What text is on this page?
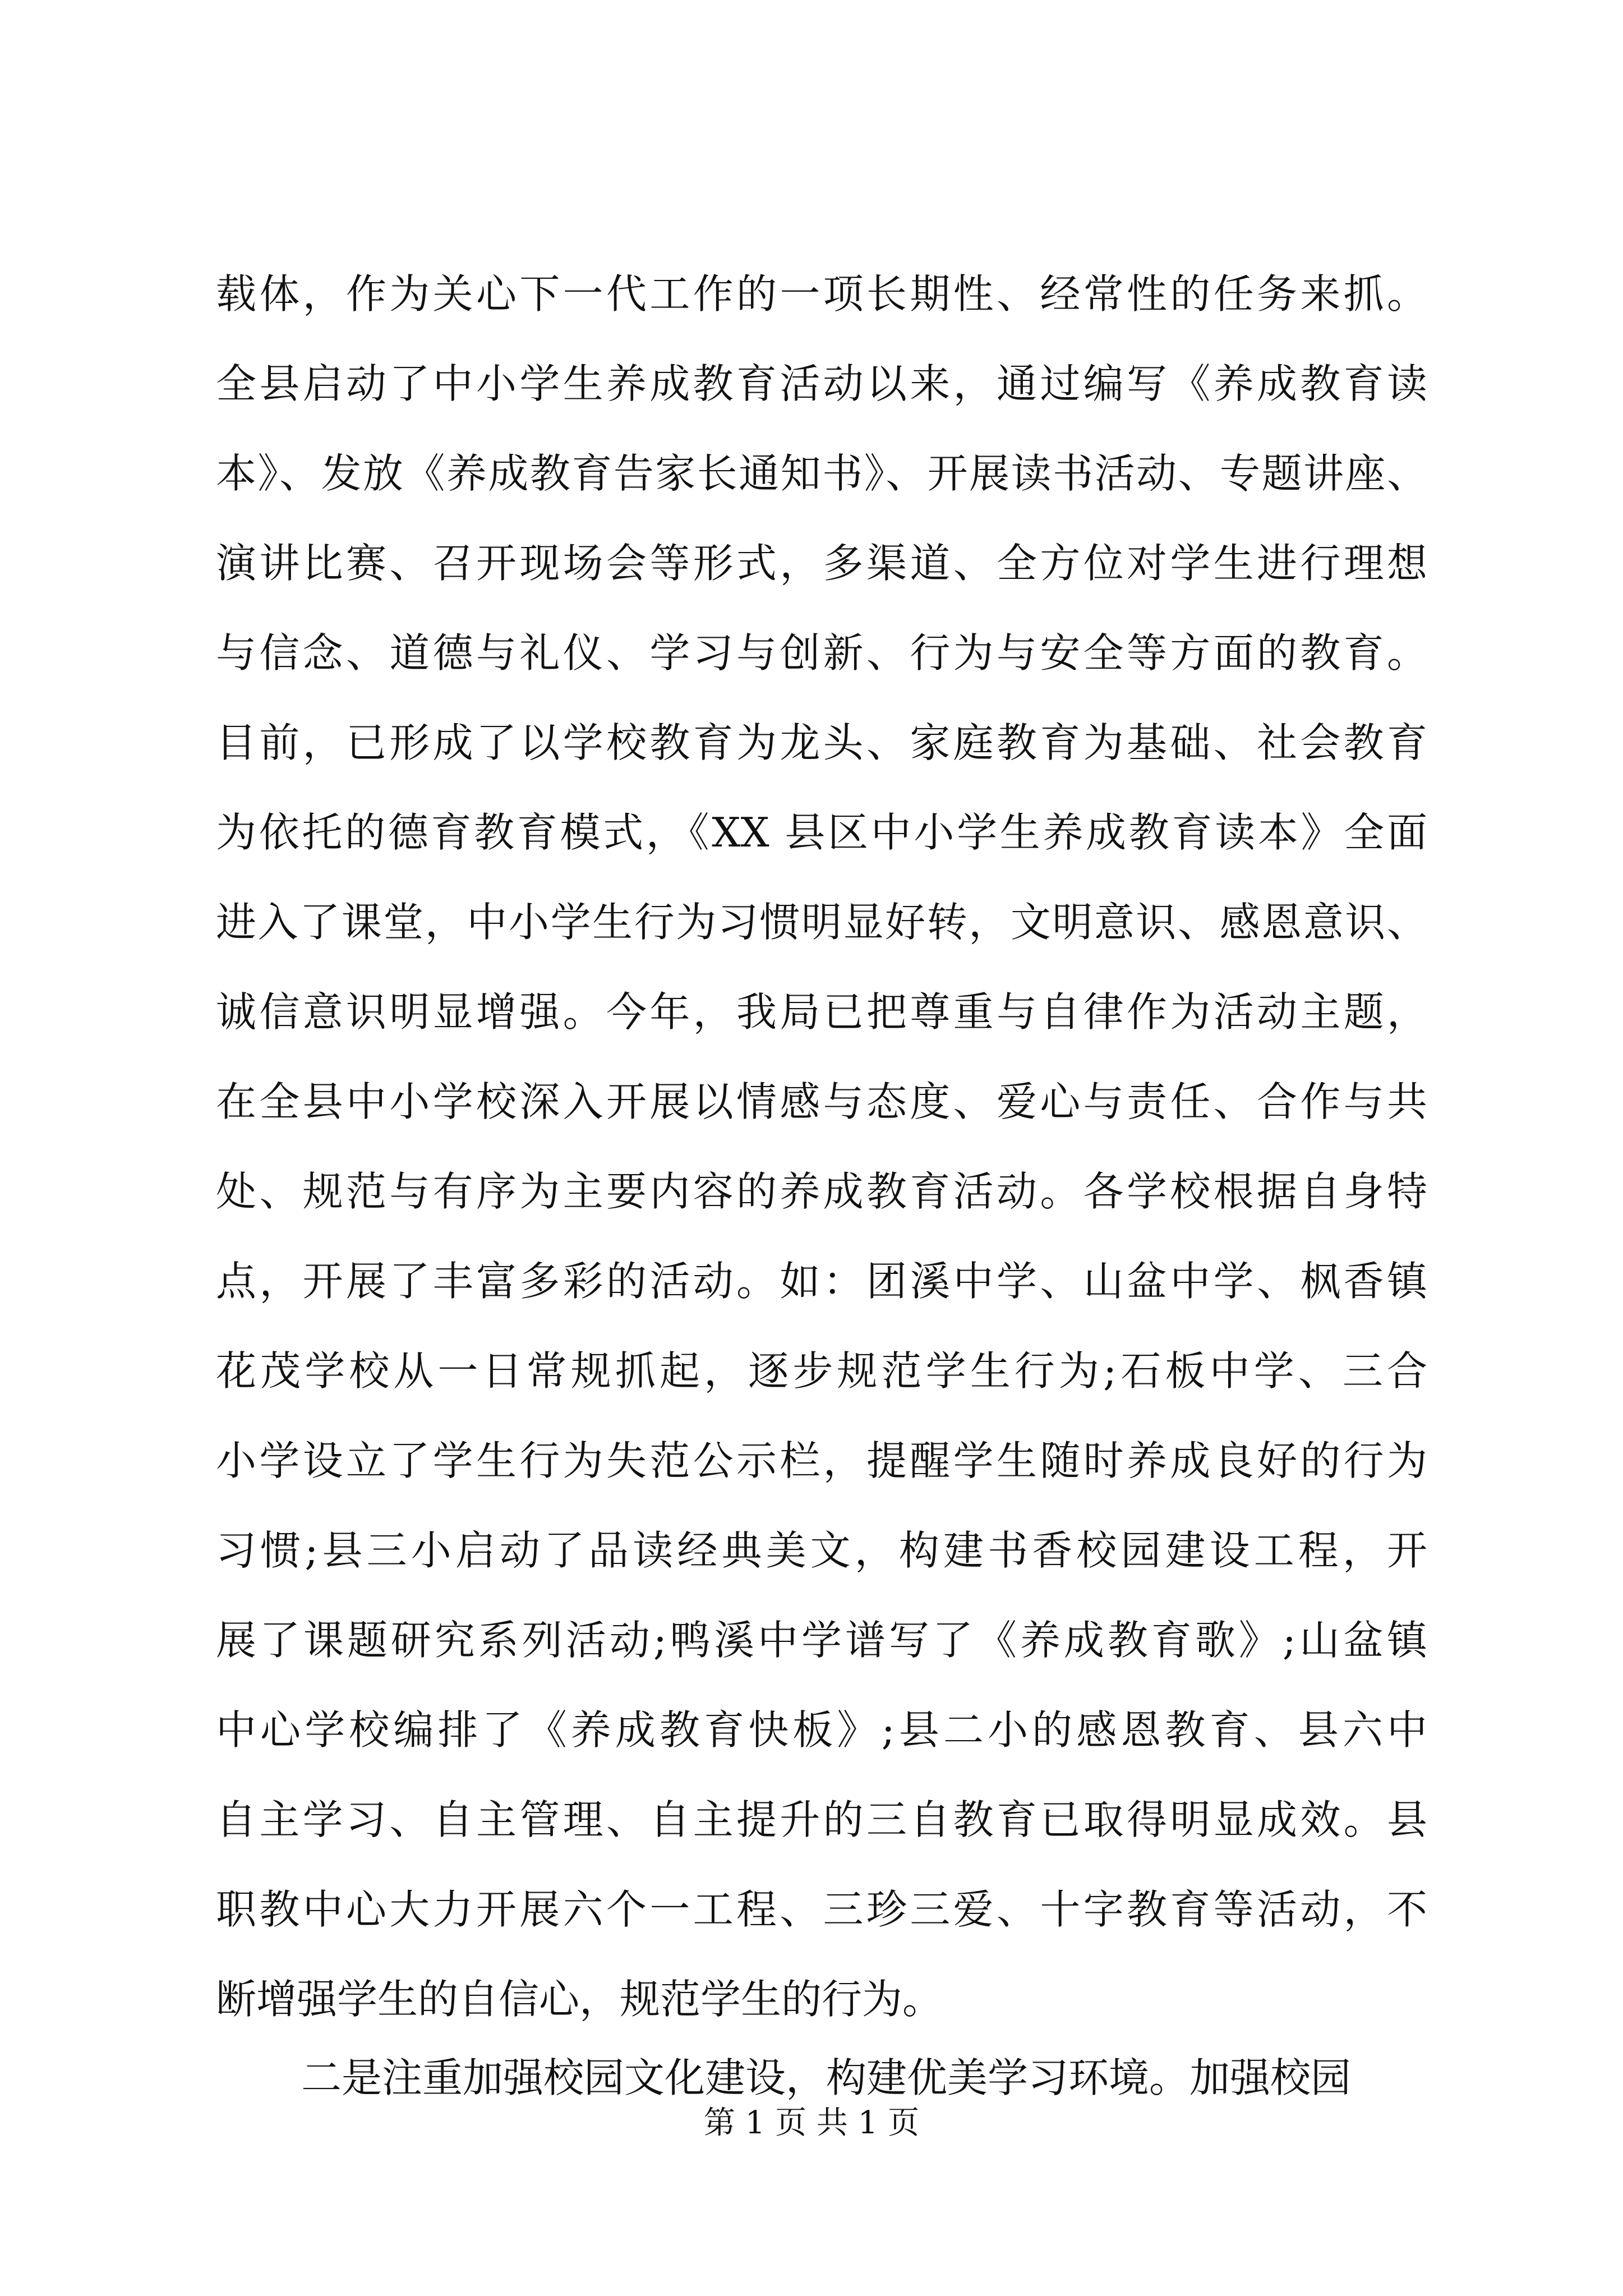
载体，作为关心下一代工作的一项长期性、经常性的任务来抓。
全县启动了中小学生养成教育活动以来，通过编写《养成教育读
本》、发放《养成教育告家长通知书》、开展读书活动、专题讲座、
演讲比赛、召开现场会等形式，多渠道、全方位对学生进行理想
与信念、道德与礼仪、学习与创新、行为与安全等方面的教育。
目前，已形成了以学校教育为龙头、家庭教育为基础、社会教育
为依托的德育教育模式，《XX 县区中小学生养成教育读本》全面
进入了课堂，中小学生行为习惯明显好转，文明意识、感恩意识、
诚信意识明显增强。今年，我局已把尊重与自律作为活动主题，
在全县中小学校深入开展以情感与态度、爱心与责任、合作与共
处、规范与有序为主要内容的养成教育活动。各学校根据自身特
点，开展了丰富多彩的活动。如：团溪中学、山盆中学、枫香镇
花茂学校从一日常规抓起，逐步规范学生行为;石板中学、三合
小学设立了学生行为失范公示栏，提醒学生随时养成良好的行为
习惯;县三小启动了品读经典美文，构建书香校园建设工程，开
展了课题研究系列活动;鸭溪中学谱写了《养成教育歌》;山盆镇
中心学校编排了《养成教育快板》;县二小的感恩教育、县六中
自主学习、自主管理、自主提升的三自教育已取得明显成效。县
职教中心大力开展六个一工程、三珍三爱、十字教育等活动，不
断增强学生的自信心，规范学生的行为。
二是注重加强校园文化建设，构建优美学习环境。加强校园
第 1 页 共 1 页
